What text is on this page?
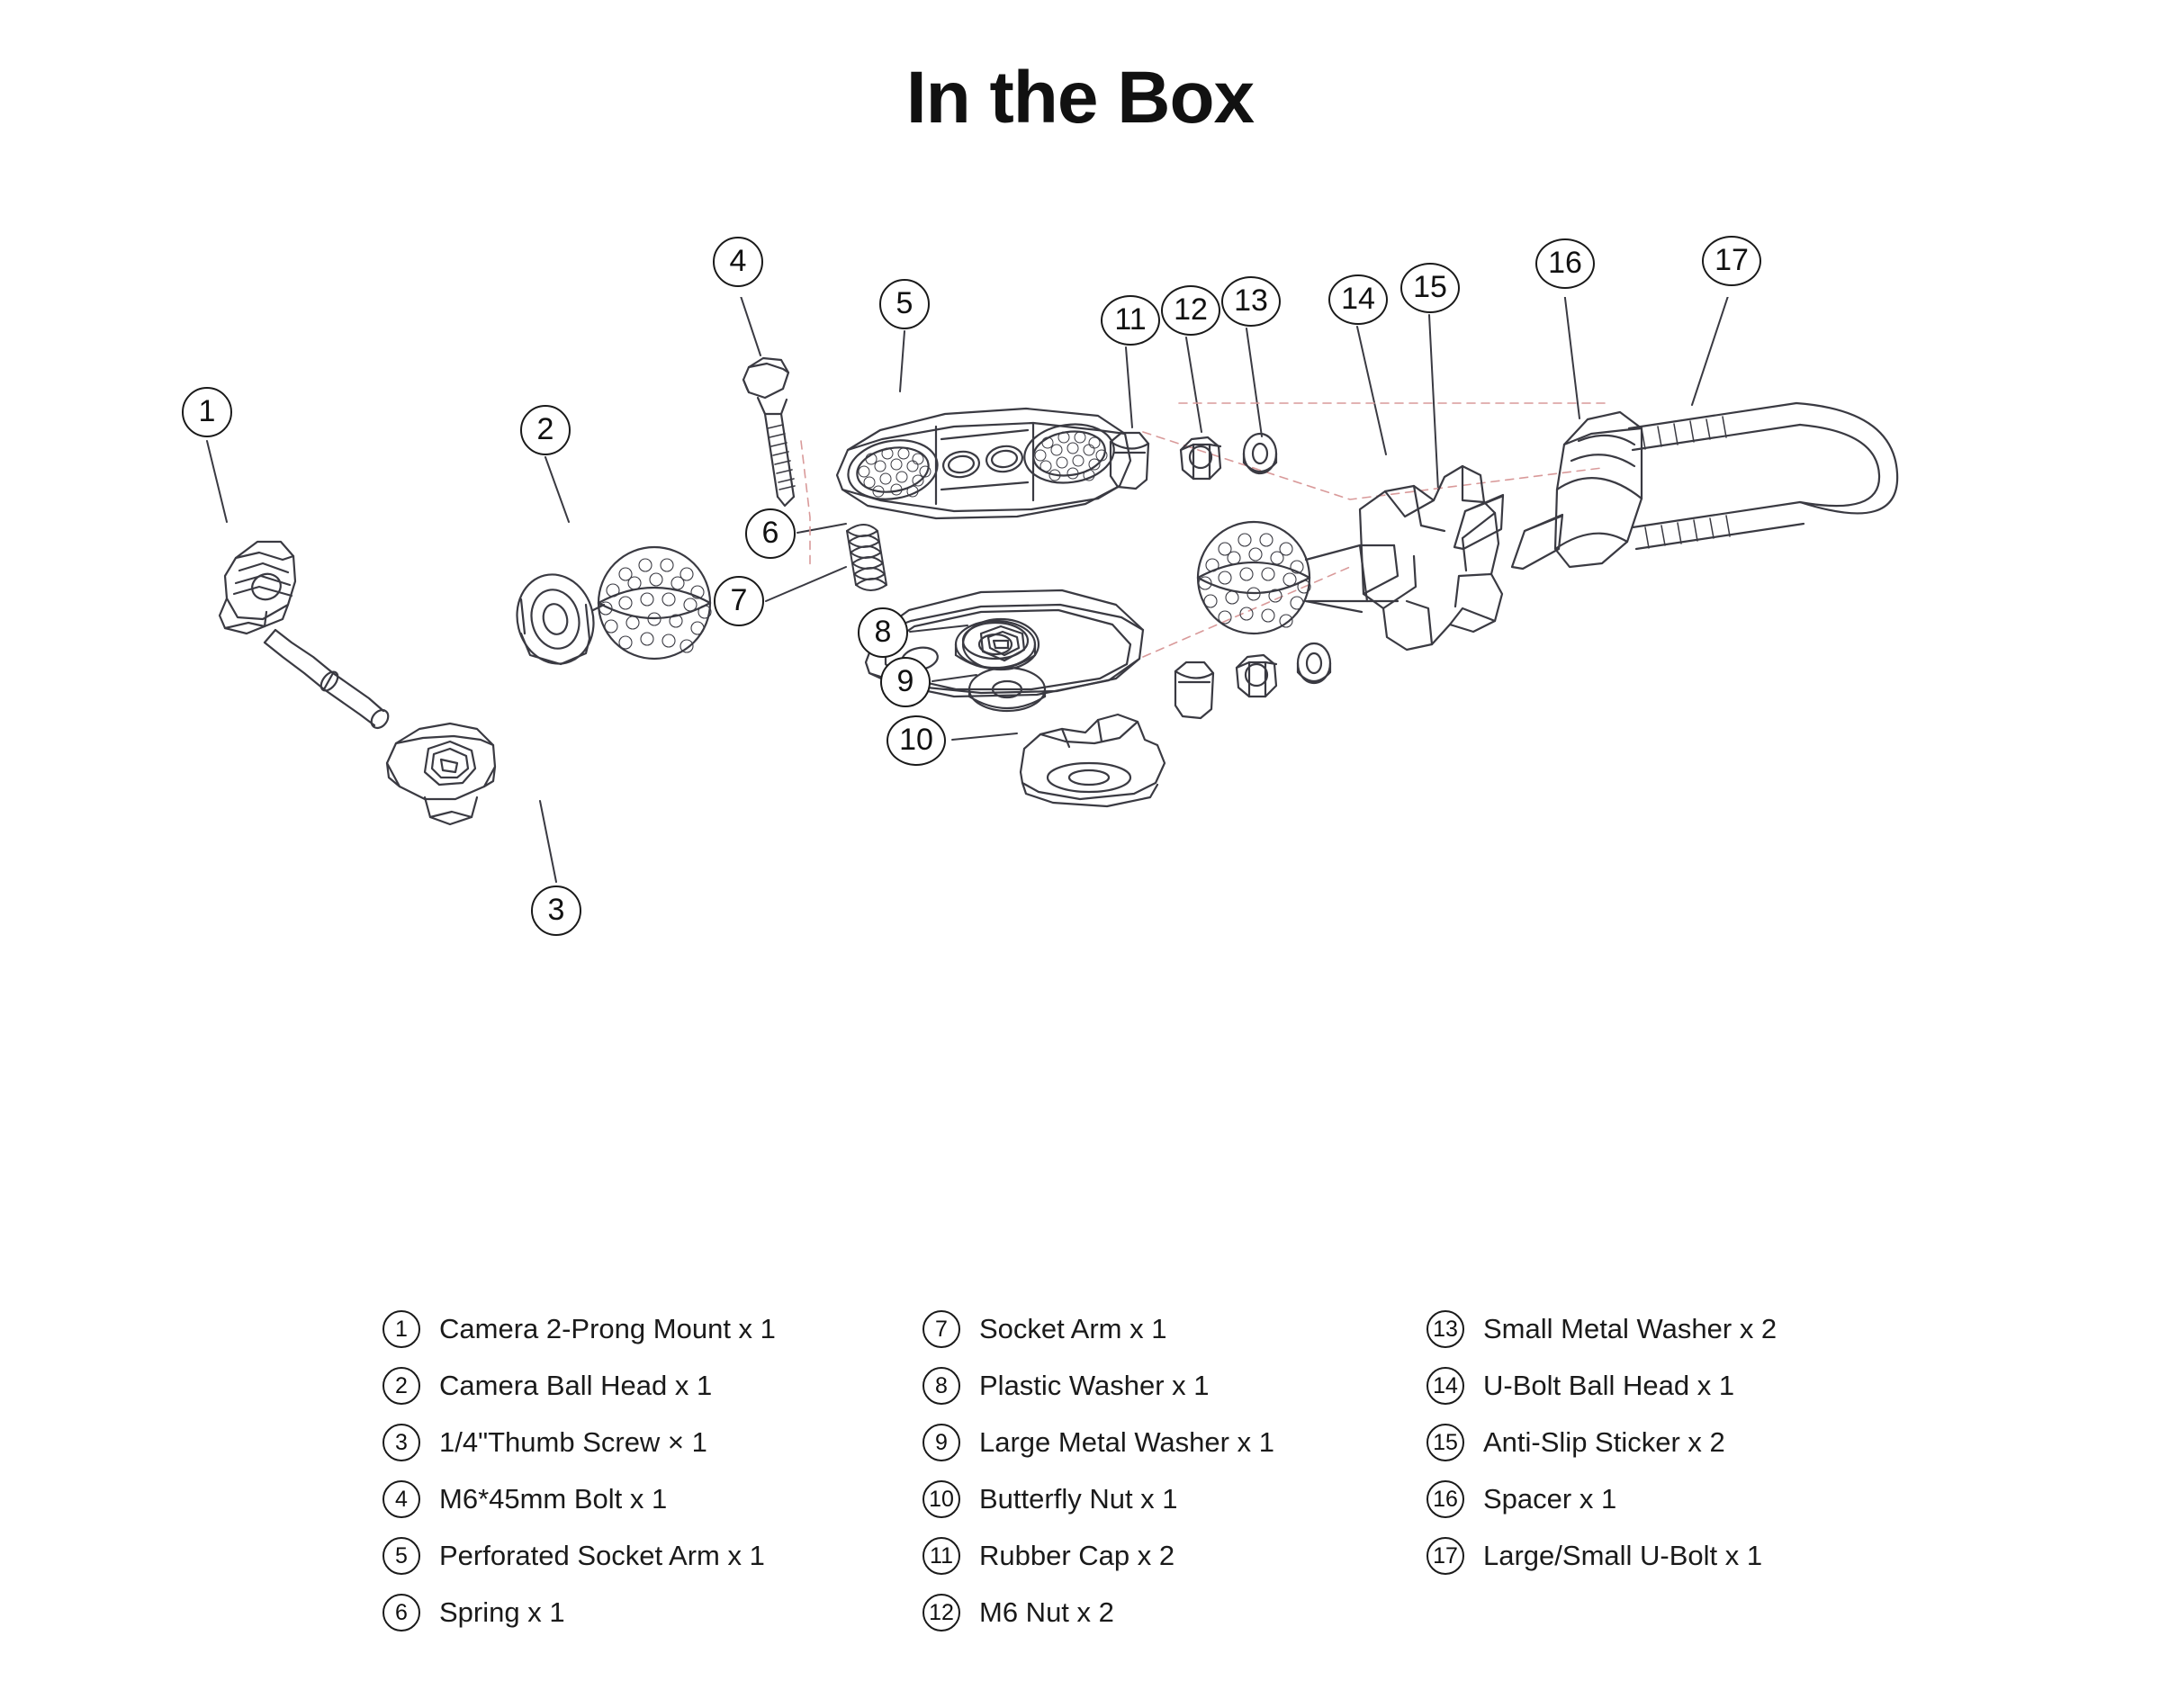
In the Box
1
2
3
4
5
6
7
8
9
10
11 12 13	14	15
16	17
1	Camera 2-Prong Mount x 1
2	Camera Ball Head x 1
3	1/4"Thumb Screw × 1
4	M6*45mm Bolt x 1
5	Perforated Socket Arm x 1
6	Spring x 1
7	Socket Arm x 1
8	Plastic Washer x 1
9	Large Metal Washer x 1
10 Butterfly Nut x 1
11 Rubber Cap x 2
12 M6 Nut x 2
13 Small Metal Washer x 2
14 U-Bolt Ball Head x 1
15 Anti-Slip Sticker x 2
16 Spacer x 1
17 Large/Small U-Bolt x 1
